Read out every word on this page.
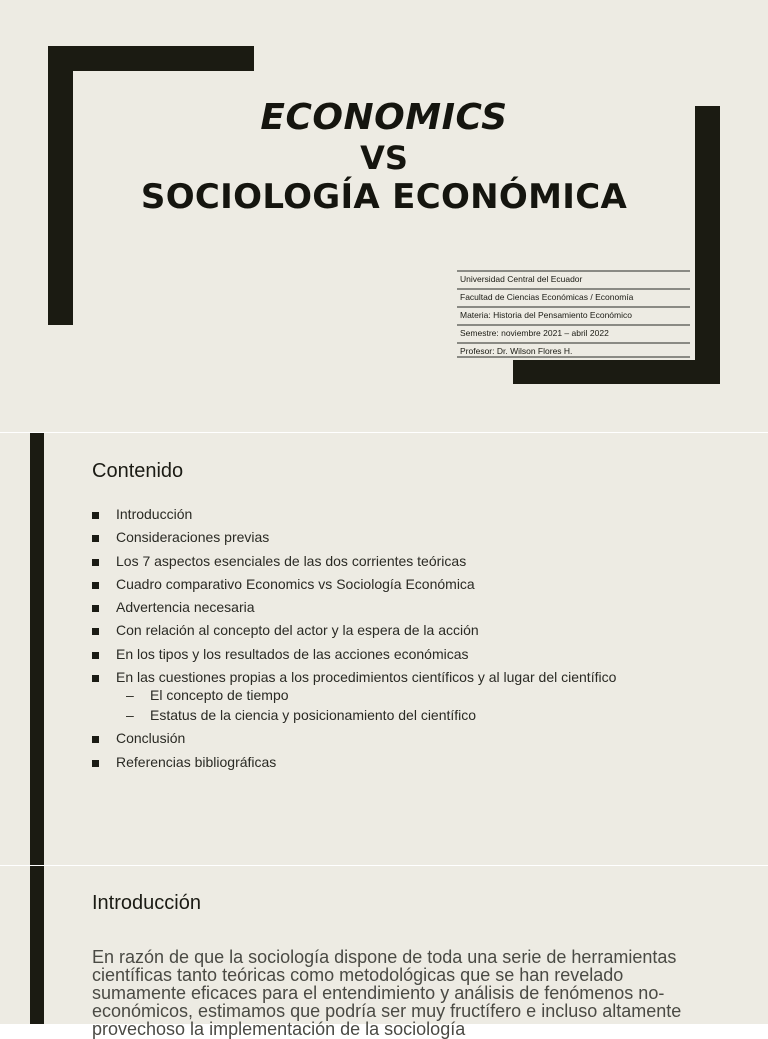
ECONOMICS
VS
SOCIOLOGÍA ECONÓMICA
Universidad Central del Ecuador
Facultad de Ciencias Económicas / Economía
Materia: Historia del Pensamiento Económico
Semestre: noviembre 2021 – abril 2022
Profesor: Dr. Wilson Flores H.
Contenido
Introducción
Consideraciones previas
Los 7 aspectos esenciales de las dos corrientes teóricas
Cuadro comparativo Economics vs Sociología Económica
Advertencia necesaria
Con relación al concepto del actor y la espera de la acción
En los tipos y los resultados de las acciones económicas
En las cuestiones propias a los procedimientos científicos y al lugar del científico
– El concepto de tiempo
– Estatus de la ciencia y posicionamiento del científico
Conclusión
Referencias bibliográficas
Introducción
En razón de que la sociología dispone de toda una serie de herramientas científicas tanto teóricas como metodológicas que se han revelado sumamente eficaces para el entendimiento y análisis de fenómenos no-económicos, estimamos que podría ser muy fructífero e incluso altamente provechoso la implementación de la sociología
